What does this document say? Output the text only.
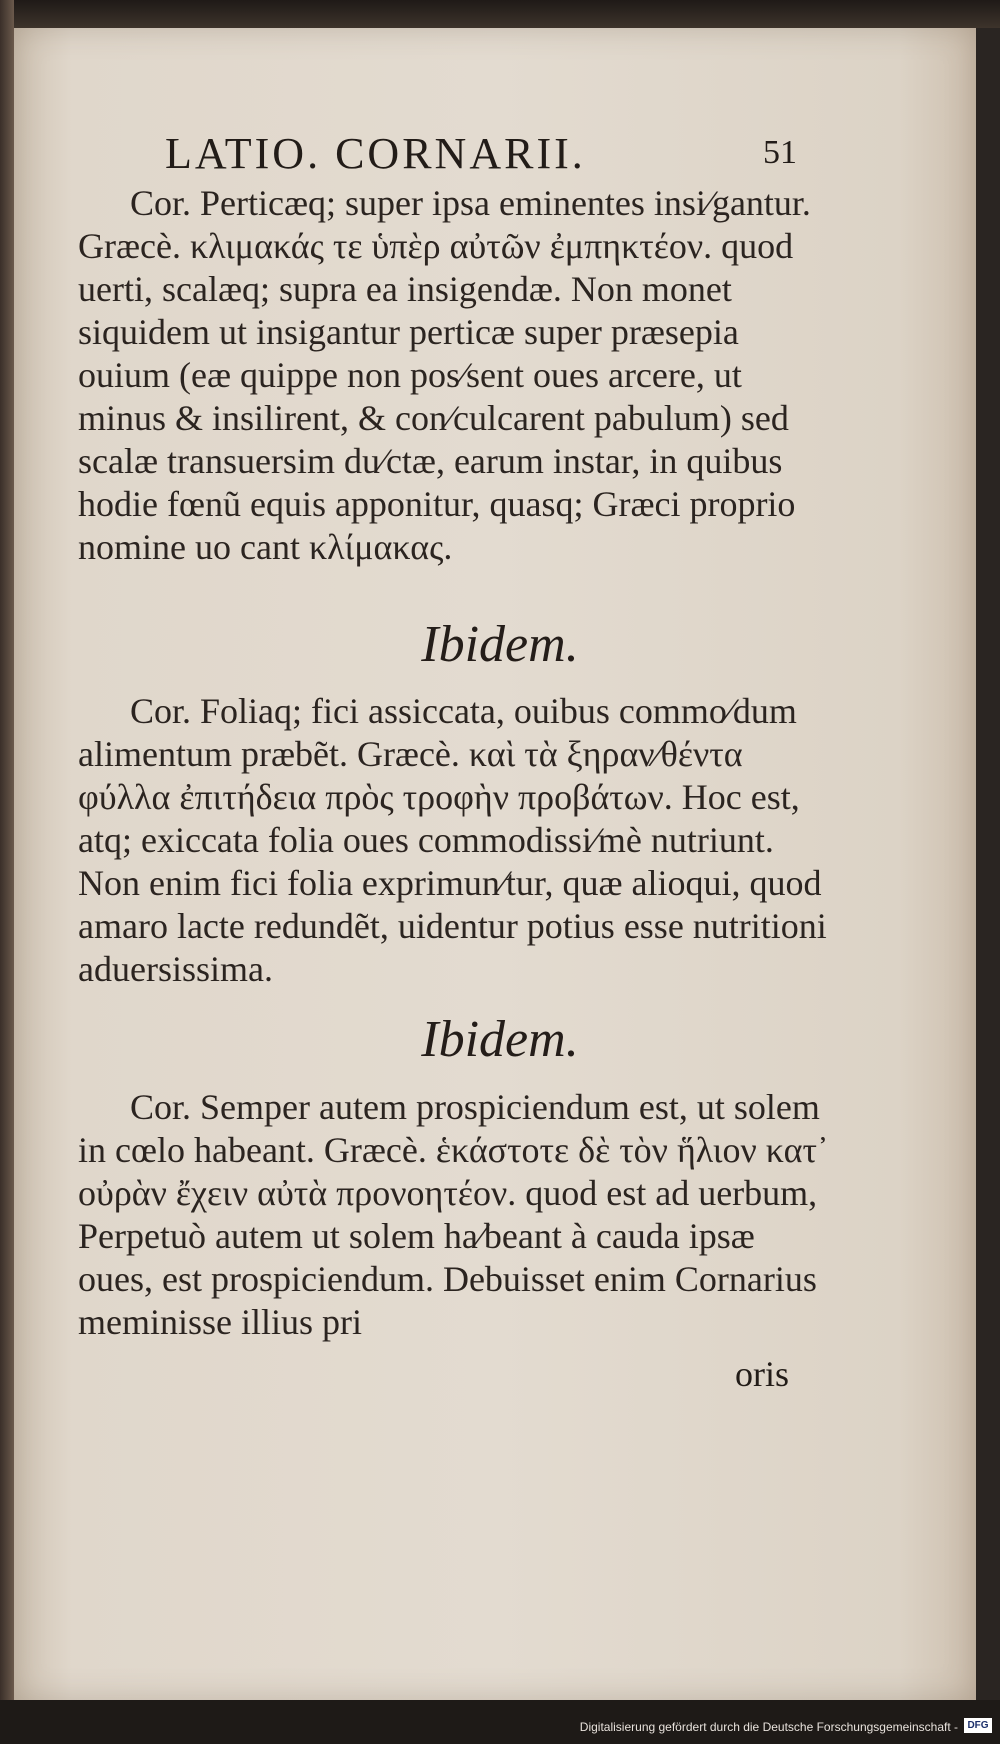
LATIO. CORNARII.	51

Cor. Perticæq; super ipsa eminentes insi⁄gantur. Græcè. κλιμακάς τε ὑπὲρ αὐτῶν ἐμπηκτέον. quod uerti, scalæq; supra ea insigendæ. Non monet siquidem ut insigantur perticæ super præsepia ouium (eæ quippe non pos⁄sent oues arcere, ut minus & insilirent, & con⁄culcarent pabulum) sed scalæ transuersim du⁄ctæ, earum instar, in quibus hodie fœnũ equis apponitur, quasq; Græci proprio nomine uo cant κλίμακας.

Ibidem.

Cor. Foliaq; fici assiccata, ouibus commo⁄dum alimentum præbẽt. Græcè. καὶ τὰ ξηραν⁄θέντα φύλλα ἐπιτήδεια πρὸς τροφὴν προβάτων. Hoc est, atq; exiccata folia oues commodissi⁄mè nutriunt. Non enim fici folia exprimun⁄tur, quæ alioqui, quod amaro lacte redundẽt, uidentur potius esse nutritioni aduersissima.

Ibidem.

Cor. Semper autem prospiciendum est, ut solem in cœlo habeant. Græcè. ἑκάστοτε δὲ τὸν ἥλιον κατ᾽ οὐρὰν ἔχειν αὐτὰ προνοητέον. quod est ad uerbum, Perpetuò autem ut solem ha⁄beant à cauda ipsæ oues, est prospiciendum. Debuisset enim Cornarius meminisse illius pri

oris
Digitalisierung gefördert durch die Deutsche Forschungsgemeinschaft - DFG
